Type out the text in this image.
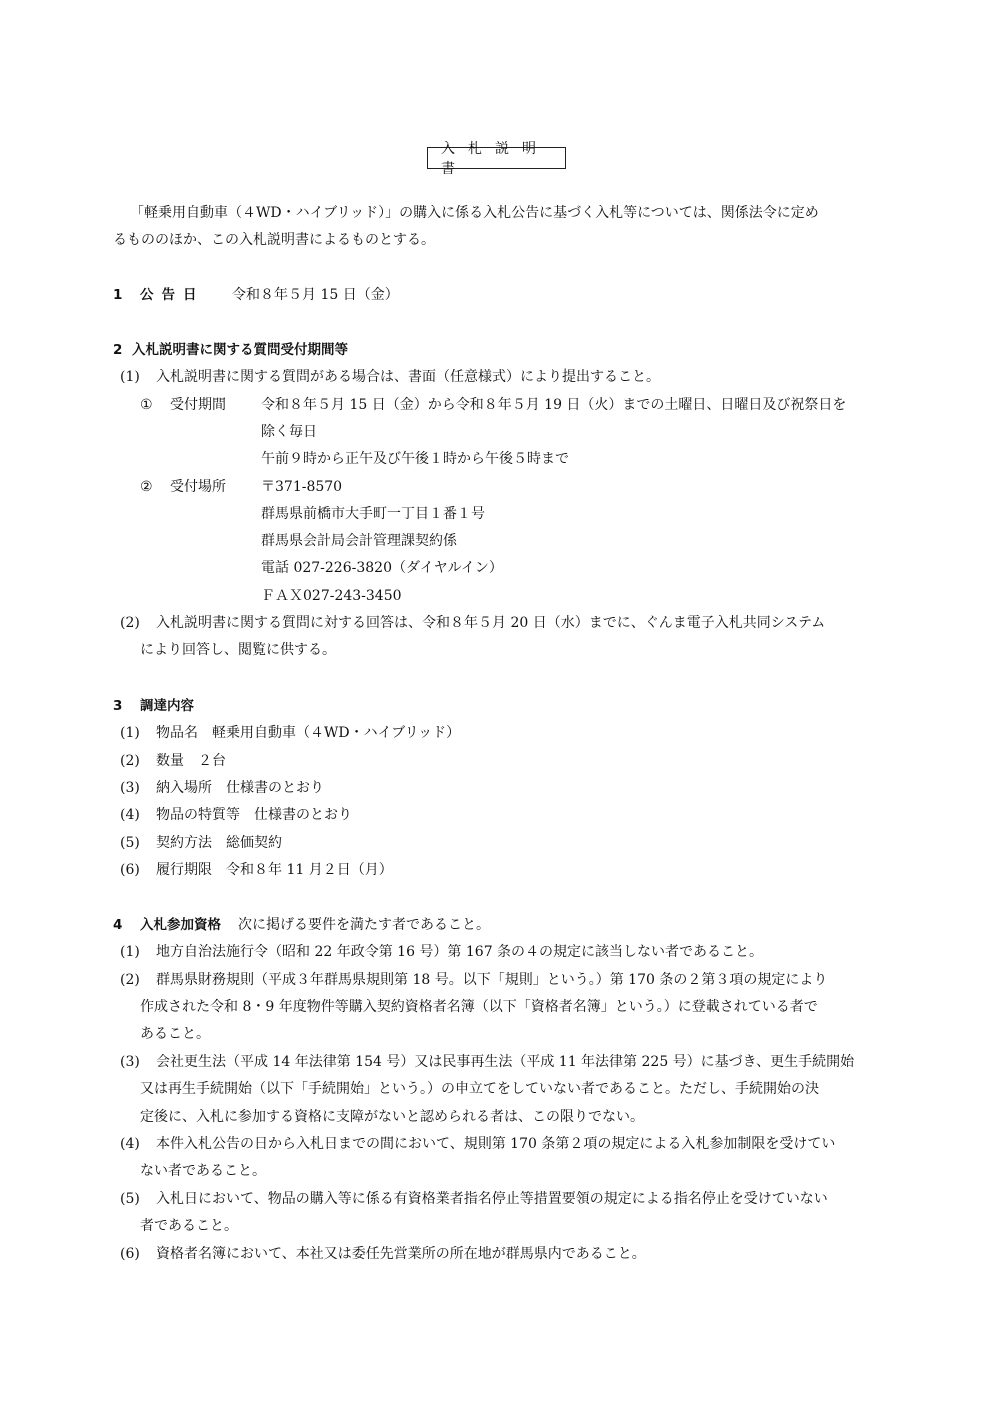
入札説明書
「軽乗用自動車（４WD・ハイブリッド）」の購入に係る入札公告に基づく入札等については、関係法令に定め
るもののほか、この入札説明書によるものとする。
1 公告日 令和８年５月 15 日（金）
2 入札説明書に関する質問受付期間等
(1) 入札説明書に関する質問がある場合は、書面（任意様式）により提出すること。
① 受付期間	令和８年５月 15 日（金）から令和８年５月 19 日（火）までの土曜日、日曜日及び祝祭日を
除く毎日
午前９時から正午及び午後１時から午後５時まで
② 受付場所	〒371-8570
群馬県前橋市大手町一丁目１番１号
群馬県会計局会計管理課契約係
電話 027-226-3820（ダイヤルイン）
ＦＡＸ027-243-3450
(2) 入札説明書に関する質問に対する回答は、令和８年５月 20 日（水）までに、ぐんま電子入札共同システム
により回答し、閲覧に供する。
3 調達内容
(1) 物品名　軽乗用自動車（４WD・ハイブリッド）
(2) 数量　２台
(3) 納入場所　仕様書のとおり
(4) 物品の特質等　仕様書のとおり
(5) 契約方法　総価契約
(6) 履行期限　令和８年 11 月２日（月）
4 入札参加資格 次に掲げる要件を満たす者であること。
(1) 地方自治法施行令（昭和 22 年政令第 16 号）第 167 条の４の規定に該当しない者であること。
(2) 群馬県財務規則（平成３年群馬県規則第 18 号。以下「規則」という。）第 170 条の２第３項の規定により
作成された令和 8・9 年度物件等購入契約資格者名簿（以下「資格者名簿」という。）に登載されている者で
あること。
(3) 会社更生法（平成 14 年法律第 154 号）又は民事再生法（平成 11 年法律第 225 号）に基づき、更生手続開始
又は再生手続開始（以下「手続開始」という。）の申立てをしていない者であること。ただし、手続開始の決
定後に、入札に参加する資格に支障がないと認められる者は、この限りでない。
(4) 本件入札公告の日から入札日までの間において、規則第 170 条第２項の規定による入札参加制限を受けてい
ない者であること。
(5) 入札日において、物品の購入等に係る有資格業者指名停止等措置要領の規定による指名停止を受けていない
者であること。
(6) 資格者名簿において、本社又は委任先営業所の所在地が群馬県内であること。
